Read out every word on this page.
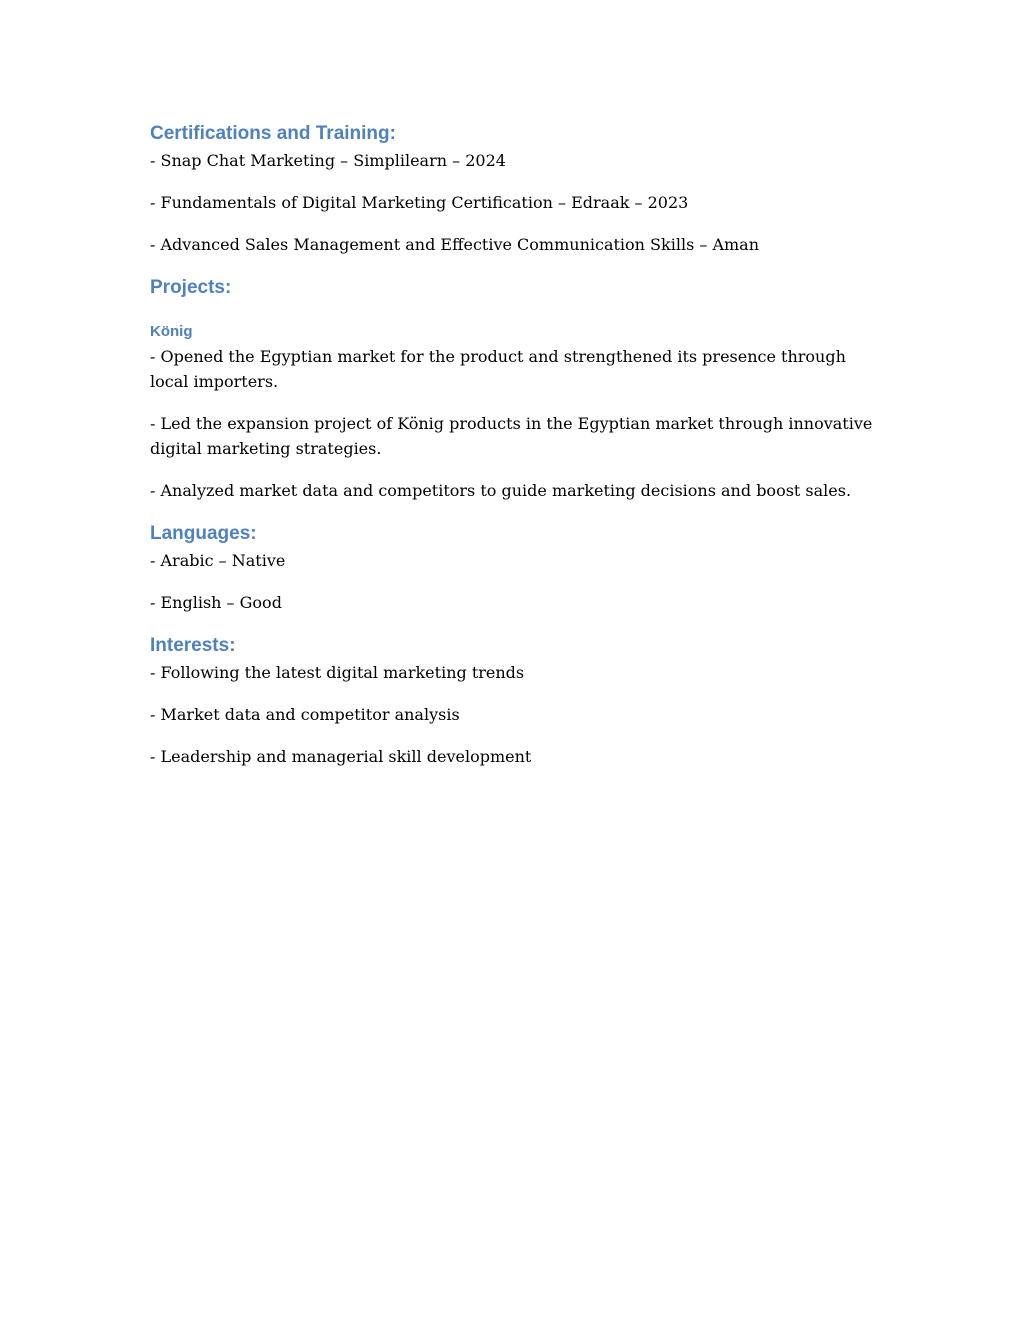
Certifications and Training:

- Snap Chat Marketing – Simplilearn – 2024

- Fundamentals of Digital Marketing Certification – Edraak – 2023

- Advanced Sales Management and Effective Communication Skills – Aman

Projects:
König

- Opened the Egyptian market for the product and strengthened its presence through local importers.

- Led the expansion project of König products in the Egyptian market through innovative digital marketing strategies.

- Analyzed market data and competitors to guide marketing decisions and boost sales.

Languages:

- Arabic – Native

- English – Good

Interests:

- Following the latest digital marketing trends

- Market data and competitor analysis

- Leadership and managerial skill development
